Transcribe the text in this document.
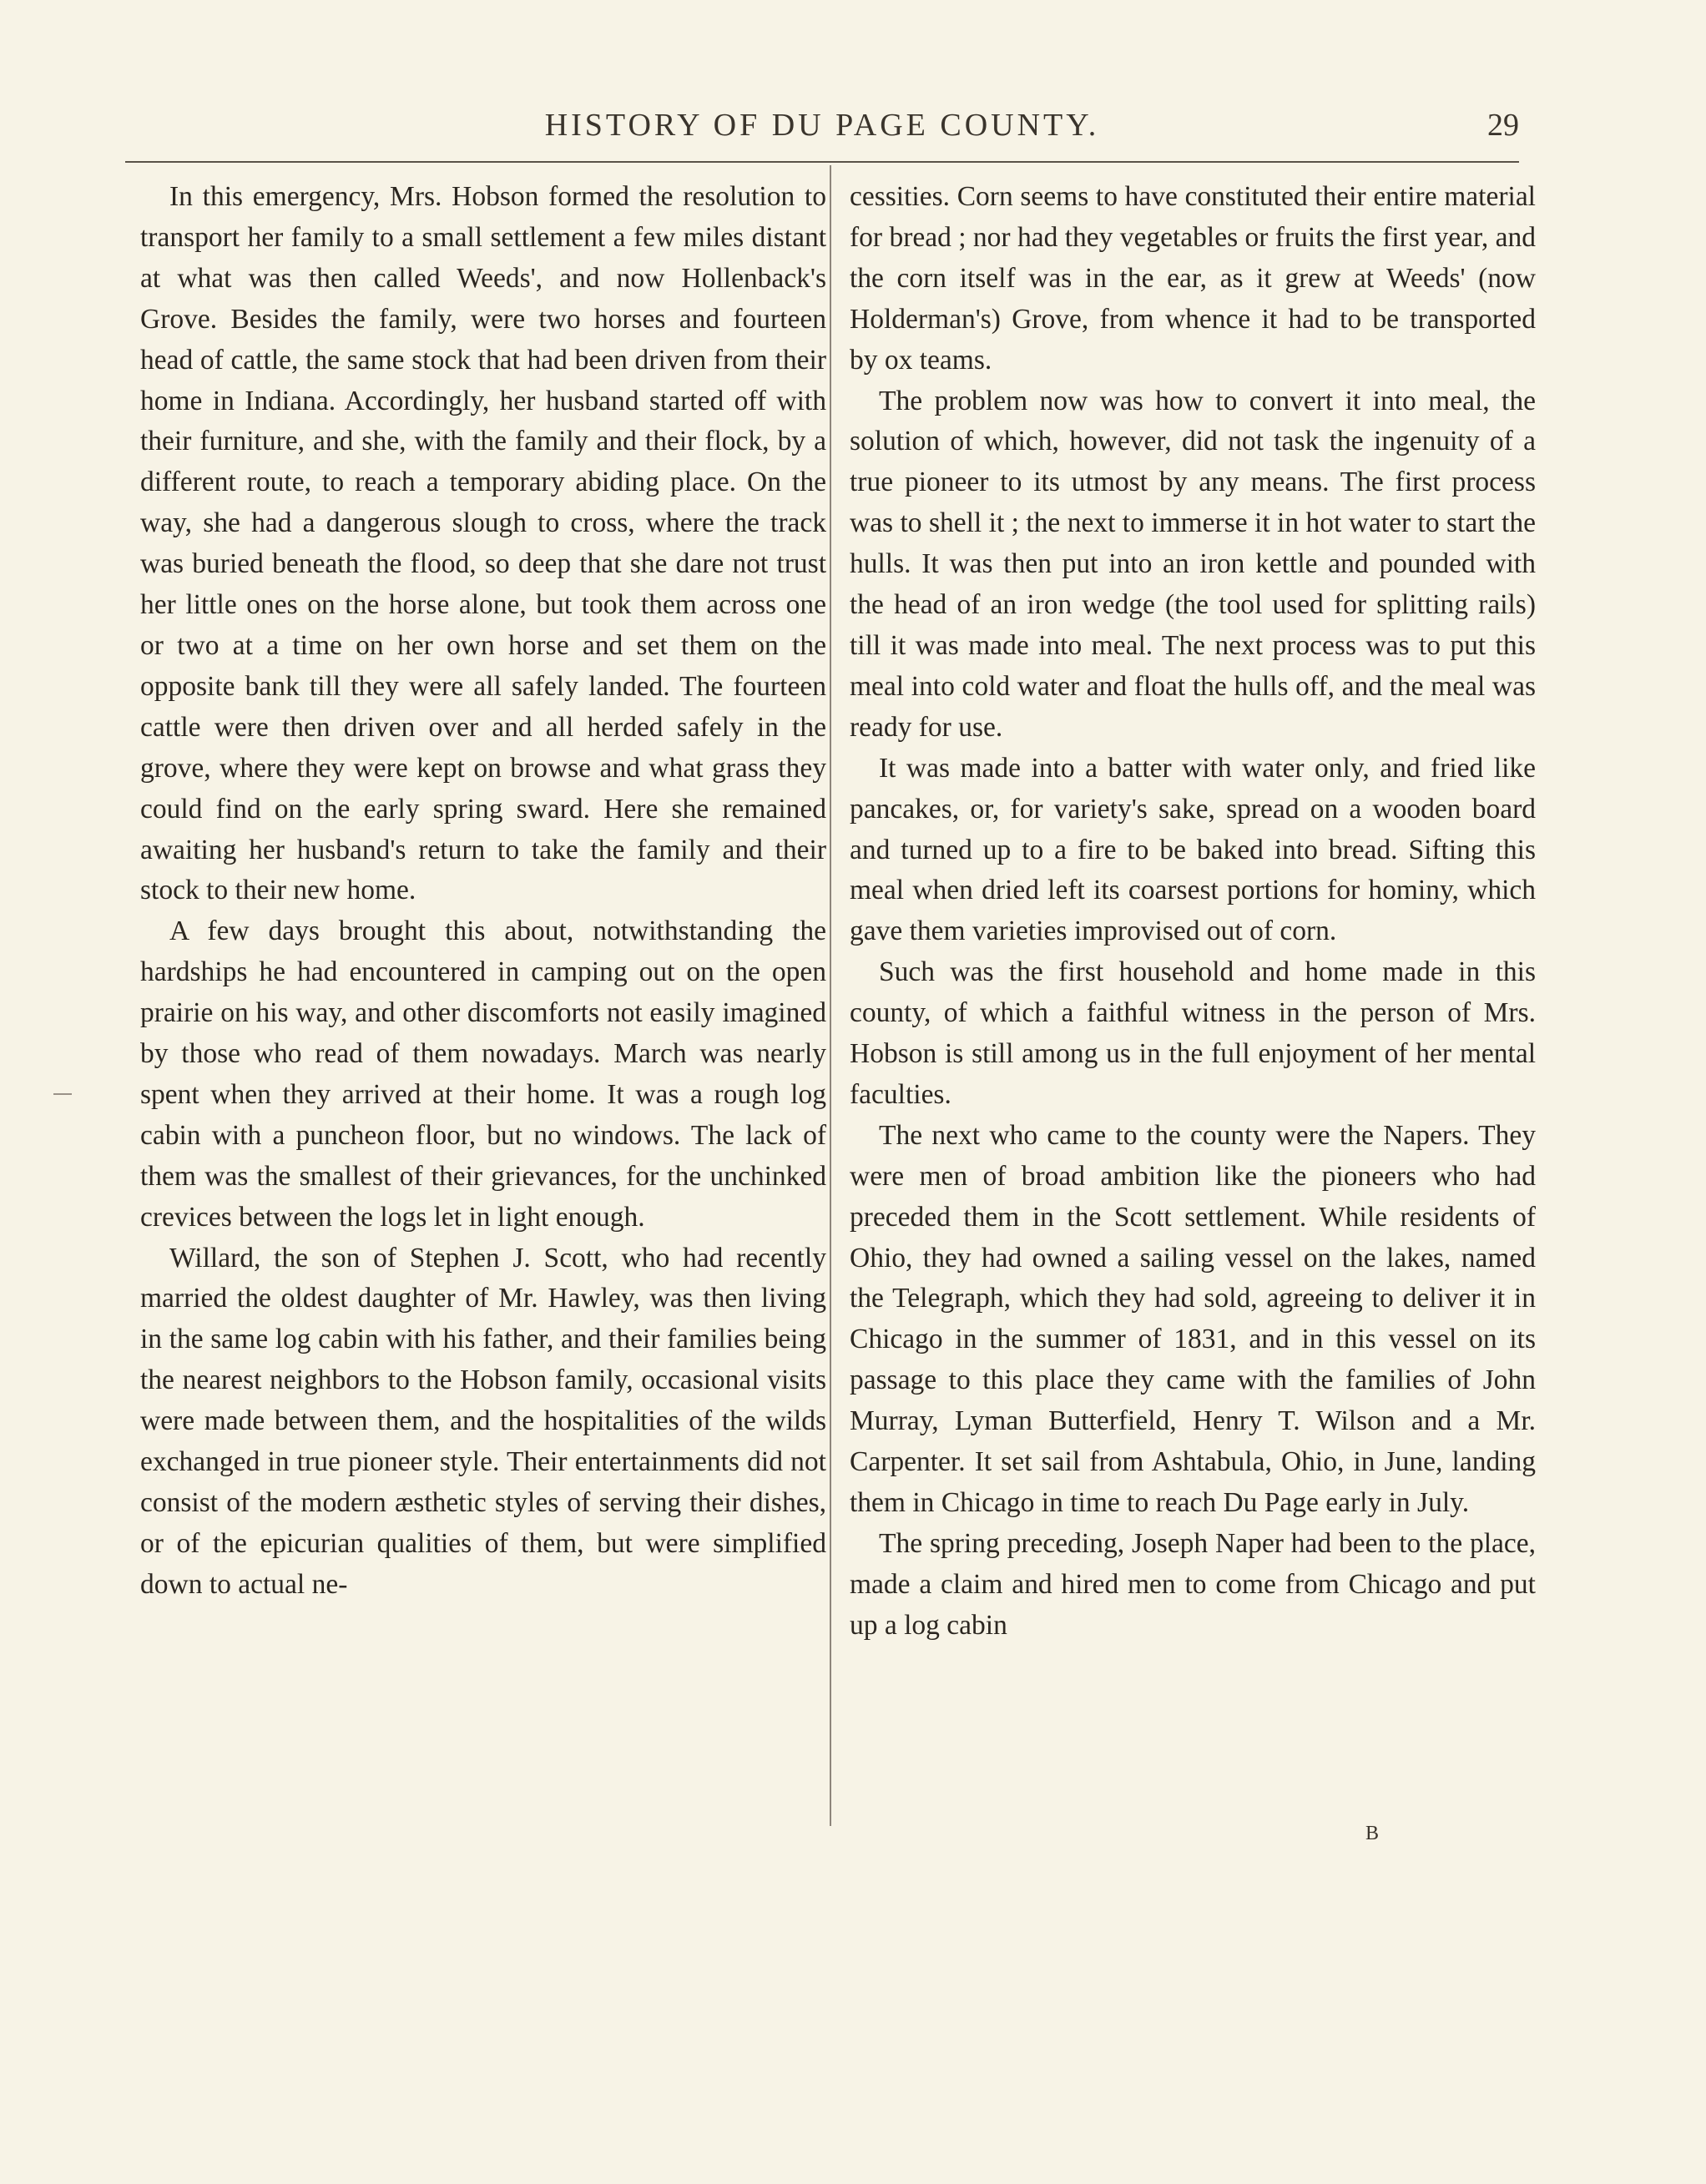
HISTORY OF DU PAGE COUNTY.	29

In this emergency, Mrs. Hobson formed the resolution to transport her family to a small settlement a few miles distant at what was then called Weeds', and now Hollenback's Grove. Besides the family, were two horses and fourteen head of cattle, the same stock that had been driven from their home in Indiana. Accordingly, her husband started off with their furniture, and she, with the family and their flock, by a different route, to reach a temporary abiding place. On the way, she had a dangerous slough to cross, where the track was buried beneath the flood, so deep that she dare not trust her little ones on the horse alone, but took them across one or two at a time on her own horse and set them on the opposite bank till they were all safely landed. The fourteen cattle were then driven over and all herded safely in the grove, where they were kept on browse and what grass they could find on the early spring sward. Here she remained awaiting her husband's return to take the family and their stock to their new home.

A few days brought this about, notwithstanding the hardships he had encountered in camping out on the open prairie on his way, and other discomforts not easily imagined by those who read of them nowadays. March was nearly spent when they arrived at their home. It was a rough log cabin with a puncheon floor, but no windows. The lack of them was the smallest of their grievances, for the unchinked crevices between the logs let in light enough.

Willard, the son of Stephen J. Scott, who had recently married the oldest daughter of Mr. Hawley, was then living in the same log cabin with his father, and their families being the nearest neighbors to the Hobson family, occasional visits were made between them, and the hospitalities of the wilds exchanged in true pioneer style. Their entertainments did not consist of the modern æsthetic styles of serving their dishes, or of the epicurian qualities of them, but were simplified down to actual ne-

cessities. Corn seems to have constituted their entire material for bread ; nor had they vegetables or fruits the first year, and the corn itself was in the ear, as it grew at Weeds' (now Holderman's) Grove, from whence it had to be transported by ox teams.

The problem now was how to convert it into meal, the solution of which, however, did not task the ingenuity of a true pioneer to its utmost by any means. The first process was to shell it ; the next to immerse it in hot water to start the hulls. It was then put into an iron kettle and pounded with the head of an iron wedge (the tool used for splitting rails) till it was made into meal. The next process was to put this meal into cold water and float the hulls off, and the meal was ready for use.

It was made into a batter with water only, and fried like pancakes, or, for variety's sake, spread on a wooden board and turned up to a fire to be baked into bread. Sifting this meal when dried left its coarsest portions for hominy, which gave them varieties improvised out of corn.

Such was the first household and home made in this county, of which a faithful witness in the person of Mrs. Hobson is still among us in the full enjoyment of her mental faculties.

The next who came to the county were the Napers. They were men of broad ambition like the pioneers who had preceded them in the Scott settlement. While residents of Ohio, they had owned a sailing vessel on the lakes, named the Telegraph, which they had sold, agreeing to deliver it in Chicago in the summer of 1831, and in this vessel on its passage to this place they came with the families of John Murray, Lyman Butterfield, Henry T. Wilson and a Mr. Carpenter. It set sail from Ashtabula, Ohio, in June, landing them in Chicago in time to reach Du Page early in July.

The spring preceding, Joseph Naper had been to the place, made a claim and hired men to come from Chicago and put up a log cabin

B
